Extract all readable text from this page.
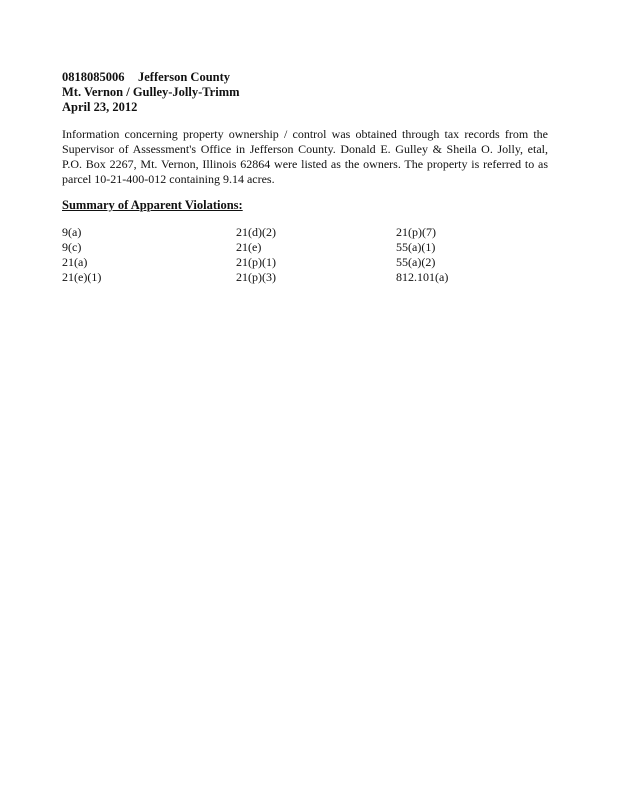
0818085006 Jefferson County
Mt. Vernon / Gulley-Jolly-Trimm
April 23, 2012

Information concerning property ownership / control was obtained through tax records from the Supervisor of Assessment's Office in Jefferson County. Donald E. Gulley & Sheila O. Jolly, etal, P.O. Box 2267, Mt. Vernon, Illinois 62864 were listed as the owners. The property is referred to as parcel 10-21-400-012 containing 9.14 acres.

Summary of Apparent Violations:
9(a)
9(c)
21(a)
21(e)(1)
21(d)(2)
21(e)
21(p)(1)
21(p)(3)
21(p)(7)
55(a)(1)
55(a)(2)
812.101(a)
